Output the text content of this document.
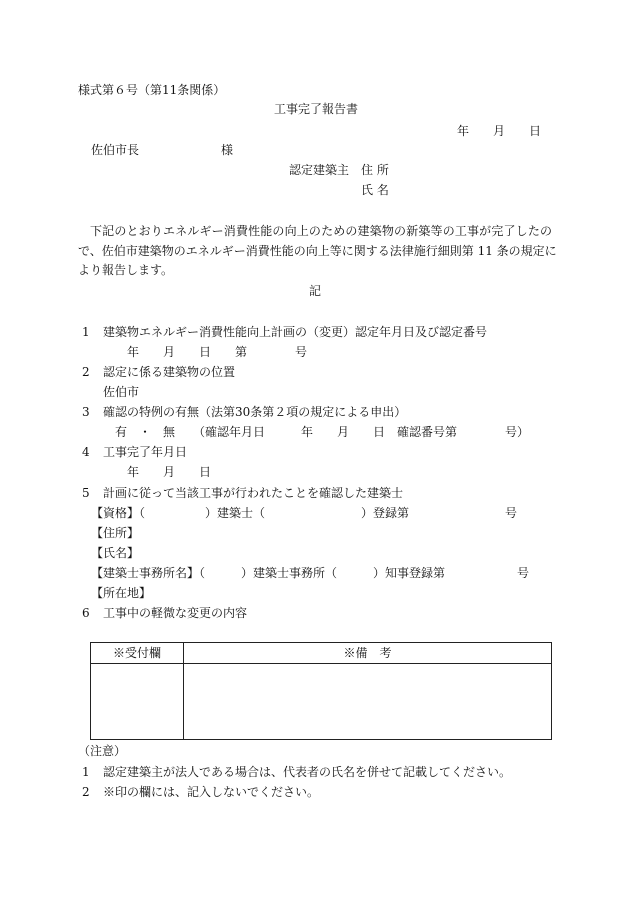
様式第６号（第11条関係）
工事完了報告書
年　　月　　日
佐伯市長	様
認定建築主 住 所
氏 名
下記のとおりエネルギー消費性能の向上のための建築物の新築等の工事が完了したの
で、佐伯市建築物のエネルギー消費性能の向上等に関する法律施行細則第 11 条の規定に
より報告します。
記
1 建築物エネルギー消費性能向上計画の（変更）認定年月日及び認定番号
年　　月　　日　　第　　　　号
2 認定に係る建築物の位置
佐伯市
3 確認の特例の有無（法第30条第２項の規定による申出）
有　・　無　　（確認年月日　　　年　　月　　日　確認番号第　　　　号）
4 工事完了年月日
年　　月　　日
5 計画に従って当該工事が行われたことを確認した建築士
【資格】（　　　　　）建築士（　　　　　　　　）登録第　　　　　　　　号
【住所】
【氏名】
【建築士事務所名】（　　　）建築士事務所（　　　）知事登録第　　　　　　号
【所在地】
6 工事中の軽微な変更の内容
※受付欄	※備　考

（注意）
1 認定建築主が法人である場合は、代表者の氏名を併せて記載してください。
2 ※印の欄には、記入しないでください。
